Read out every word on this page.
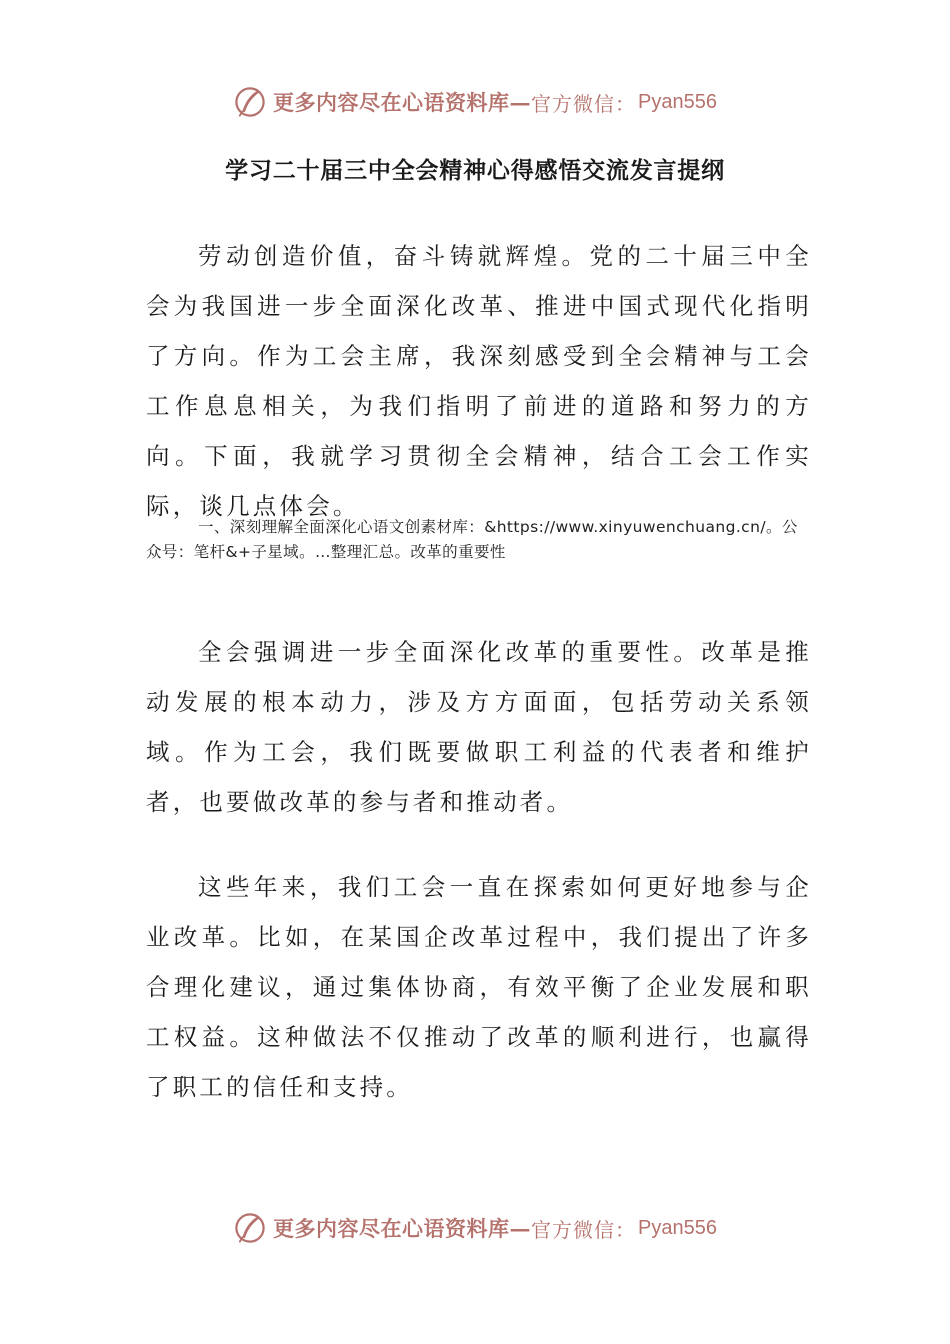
更多内容尽在心语资料库— 官方微信： Pyan556
学习二十届三中全会精神心得感悟交流发言提纲

劳动创造价值，奋斗铸就辉煌。党的二十届三中全会为我国进一步全面深化改革、推进中国式现代化指明了方向。作为工会主席，我深刻感受到全会精神与工会工作息息相关，为我们指明了前进的道路和努力的方向。下面，我就学习贯彻全会精神，结合工会工作实际，谈几点体会。

一、深刻理解全面深化心语文创素材库：&https://www.xinyuwenchuang.cn/。公众号：笔杆&+子星域。…整理汇总。改革的重要性

全会强调进一步全面深化改革的重要性。改革是推动发展的根本动力，涉及方方面面，包括劳动关系领域。作为工会，我们既要做职工利益的代表者和维护者，也要做改革的参与者和推动者。

这些年来，我们工会一直在探索如何更好地参与企业改革。比如，在某国企改革过程中，我们提出了许多合理化建议，通过集体协商，有效平衡了企业发展和职工权益。这种做法不仅推动了改革的顺利进行，也赢得了职工的信任和支持。

更多内容尽在心语资料库— 官方微信： Pyan556
